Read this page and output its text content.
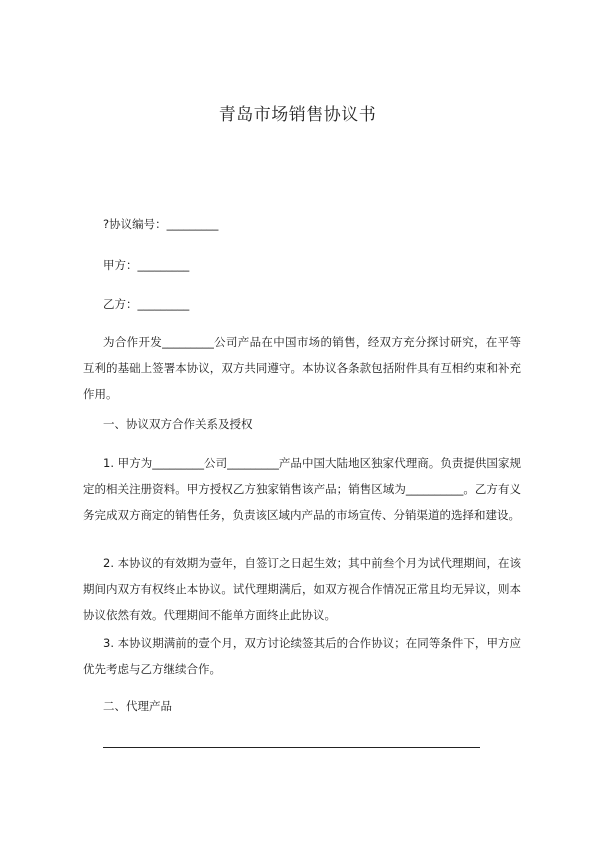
青岛市场销售协议书
?协议编号：_________
甲方：_________
乙方：_________
为合作开发_________公司产品在中国市场的销售，经双方充分探讨研究，在平等互利的基础上签署本协议，双方共同遵守。本协议各条款包括附件具有互相约束和补充作用。
一、协议双方合作关系及授权
1. 甲方为_________公司_________产品中国大陆地区独家代理商。负责提供国家规定的相关注册资料。甲方授权乙方独家销售该产品；销售区域为__________。乙方有义务完成双方商定的销售任务，负责该区域内产品的市场宣传、分销渠道的选择和建设。
2. 本协议的有效期为壹年，自签订之日起生效；其中前叁个月为试代理期间，在该期间内双方有权终止本协议。试代理期满后，如双方视合作情况正常且均无异议，则本协议依然有效。代理期间不能单方面终止此协议。
3. 本协议期满前的壹个月，双方讨论续签其后的合作协议；在同等条件下，甲方应优先考虑与乙方继续合作。
二、代理产品
